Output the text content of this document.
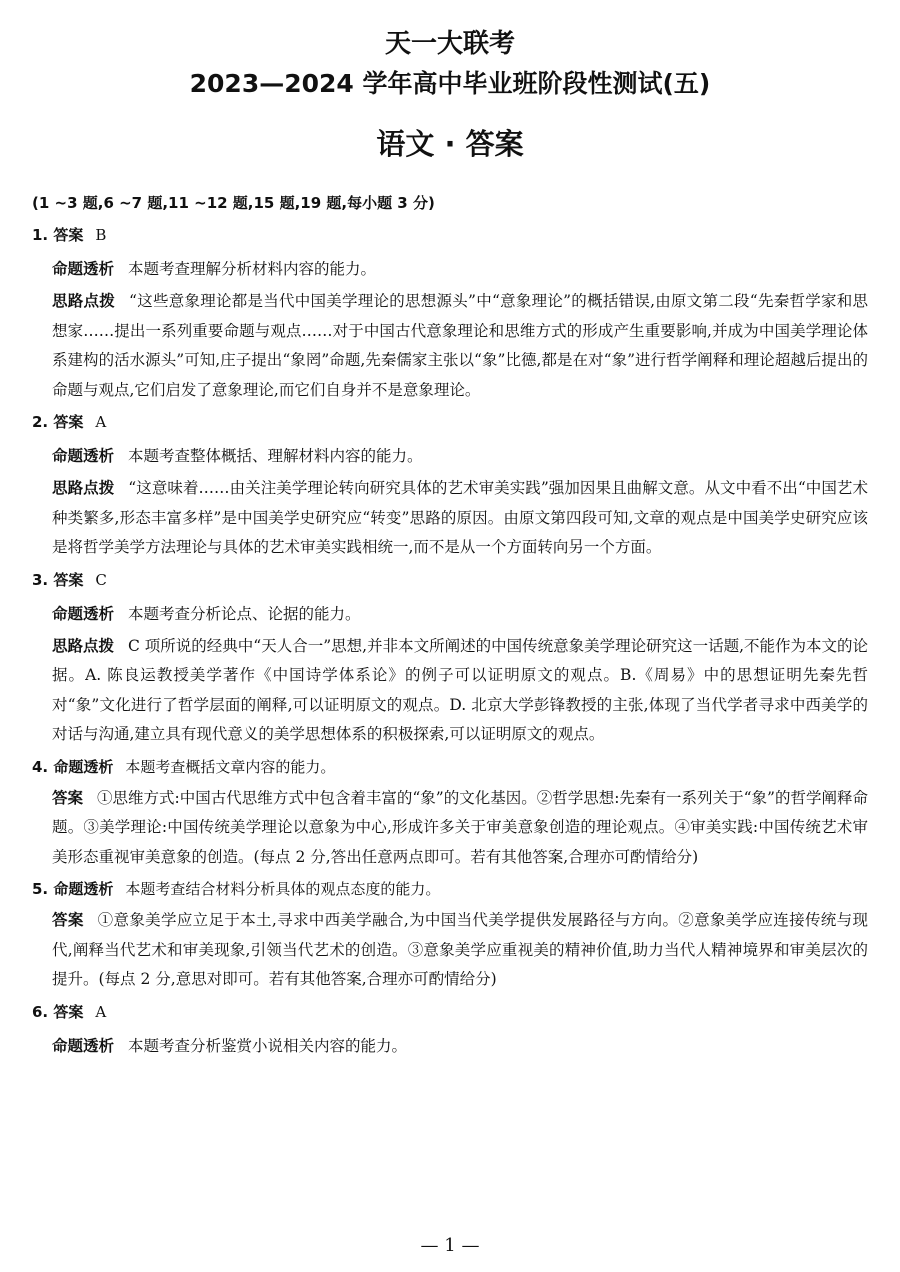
天一大联考
2023—2024 学年高中毕业班阶段性测试(五)
语文 · 答案
(1 ~3 题,6 ~7 题,11 ~12 题,15 题,19 题,每小题 3 分)
1. 答案 B
命题透析 本题考查理解分析材料内容的能力。
思路点拨 “这些意象理论都是当代中国美学理论的思想源头”中“意象理论”的概括错误,由原文第二段“先秦哲学家和思想家……提出一系列重要命题与观点……对于中国古代意象理论和思维方式的形成产生重要影响,并成为中国美学理论体系建构的活水源头”可知,庄子提出“象罔”命题,先秦儒家主张以“象”比德,都是在对“象”进行哲学阐释和理论超越后提出的命题与观点,它们启发了意象理论,而它们自身并不是意象理论。
2. 答案 A
命题透析 本题考查整体概括、理解材料内容的能力。
思路点拨 “这意味着……由关注美学理论转向研究具体的艺术审美实践”强加因果且曲解文意。从文中看不出“中国艺术种类繁多,形态丰富多样”是中国美学史研究应“转变”思路的原因。由原文第四段可知,文章的观点是中国美学史研究应该是将哲学美学方法理论与具体的艺术审美实践相统一,而不是从一个方面转向另一个方面。
3. 答案 C
命题透析 本题考查分析论点、论据的能力。
思路点拨 C 项所说的经典中“天人合一”思想,并非本文所阐述的中国传统意象美学理论研究这一话题,不能作为本文的论据。A. 陈良运教授美学著作《中国诗学体系论》的例子可以证明原文的观点。B.《周易》中的思想证明先秦先哲对“象”文化进行了哲学层面的阐释,可以证明原文的观点。D. 北京大学彭锋教授的主张,体现了当代学者寻求中西美学的对话与沟通,建立具有现代意义的美学思想体系的积极探索,可以证明原文的观点。
4. 命题透析 本题考查概括文章内容的能力。
答案 ①思维方式:中国古代思维方式中包含着丰富的“象”的文化基因。②哲学思想:先秦有一系列关于“象”的哲学阐释命题。③美学理论:中国传统美学理论以意象为中心,形成许多关于审美意象创造的理论观点。④审美实践:中国传统艺术审美形态重视审美意象的创造。(每点 2 分,答出任意两点即可。若有其他答案,合理亦可酌情给分)
5. 命题透析 本题考查结合材料分析具体的观点态度的能力。
答案 ①意象美学应立足于本土,寻求中西美学融合,为中国当代美学提供发展路径与方向。②意象美学应连接传统与现代,阐释当代艺术和审美现象,引领当代艺术的创造。③意象美学应重视美的精神价值,助力当代人精神境界和审美层次的提升。(每点 2 分,意思对即可。若有其他答案,合理亦可酌情给分)
6. 答案 A
命题透析 本题考查分析鉴赏小说相关内容的能力。
— 1 —
